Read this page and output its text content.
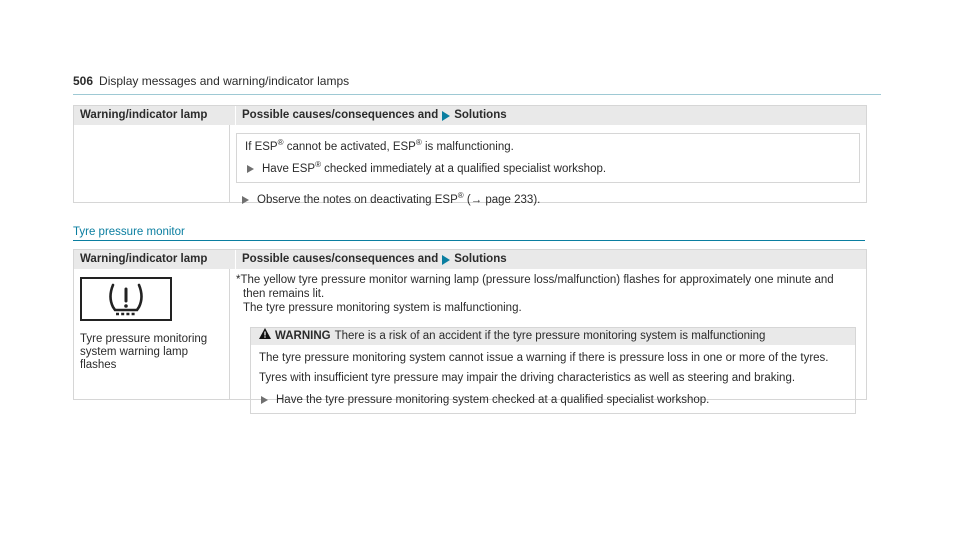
506 Display messages and warning/indicator lamps
Warning/indicator lamp	Possible causes/consequences and Solutions

If ESP® cannot be activated, ESP® is malfunctioning.

Have ESP® checked immediately at a qualified specialist workshop.
Observe the notes on deactivating ESP® (→ page 233).
Tyre pressure monitor
Warning/indicator lamp	Possible causes/consequences and Solutions
Tyre pressure monitoring
system warning lamp flashes

*The yellow tyre pressure monitor warning lamp (pressure loss/malfunction) flashes for approximately one minute and

then remains lit.

The tyre pressure monitoring system is malfunctioning.

WARNING There is a risk of an accident if the tyre pressure monitoring system is malfunctioning

The tyre pressure monitoring system cannot issue a warning if there is pressure loss in one or more of the tyres.

Tyres with insufficient tyre pressure may impair the driving characteristics as well as steering and braking.

Have the tyre pressure monitoring system checked at a qualified specialist workshop.
